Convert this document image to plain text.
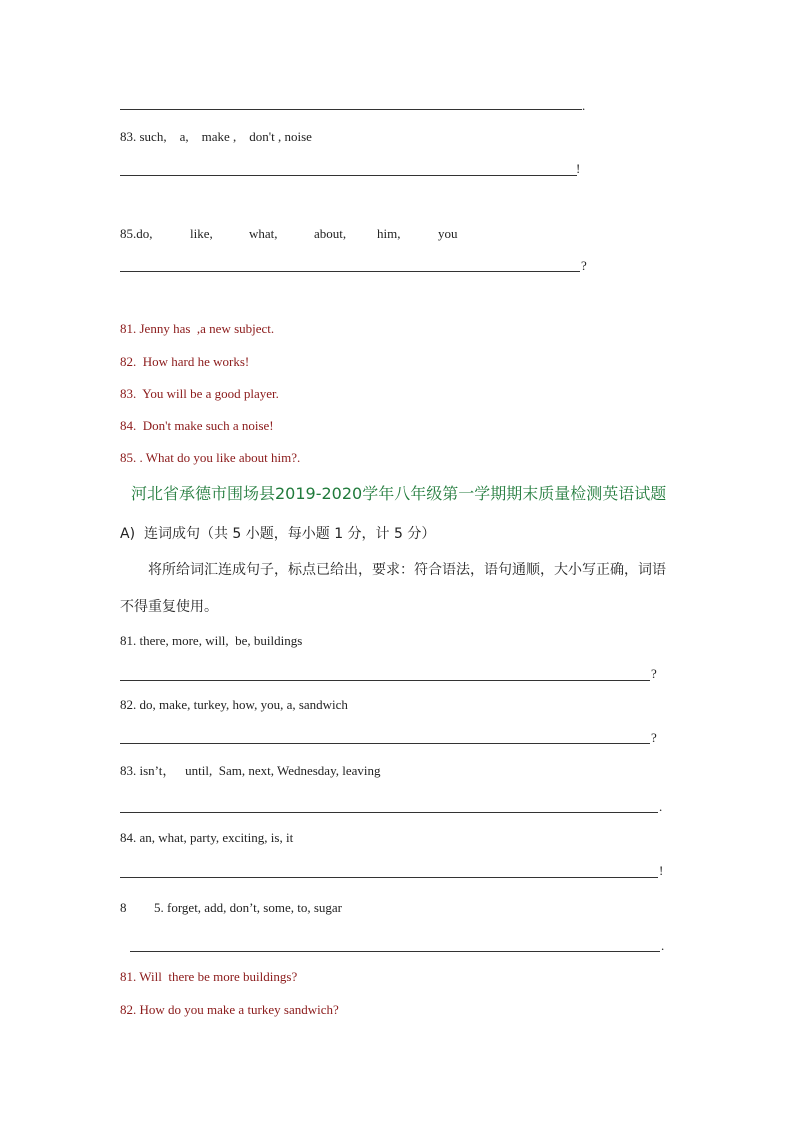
.
83. such,    a,    make ,    don't , noise
!
85.do,	like,	what,	about, him,	you
?
81. Jenny has  ,a new subject.
82.  How hard he works!
83.  You will be a good player.
84.  Don't make such a noise!
85. . What do you like about him?.
河北省承德市围场县2019-2020学年八年级第一学期期末质量检测英语试题
A)  连词成句（共 5 小题，每小题 1 分，计 5 分）
将所给词汇连成句子，标点已给出，要求：符合语法，语句通顺，大小写正确，词语
不得重复使用。
81. there, more, will,  be, buildings
?
82. do, make, turkey, how, you, a, sandwich
?
83. isn’t，   until,  Sam, next, Wednesday, leaving
.
84. an, what, party, exciting, is, it
!
8 5. forget, add, don’t, some, to, sugar
.
81. Will  there be more buildings?
82. How do you make a turkey sandwich?
